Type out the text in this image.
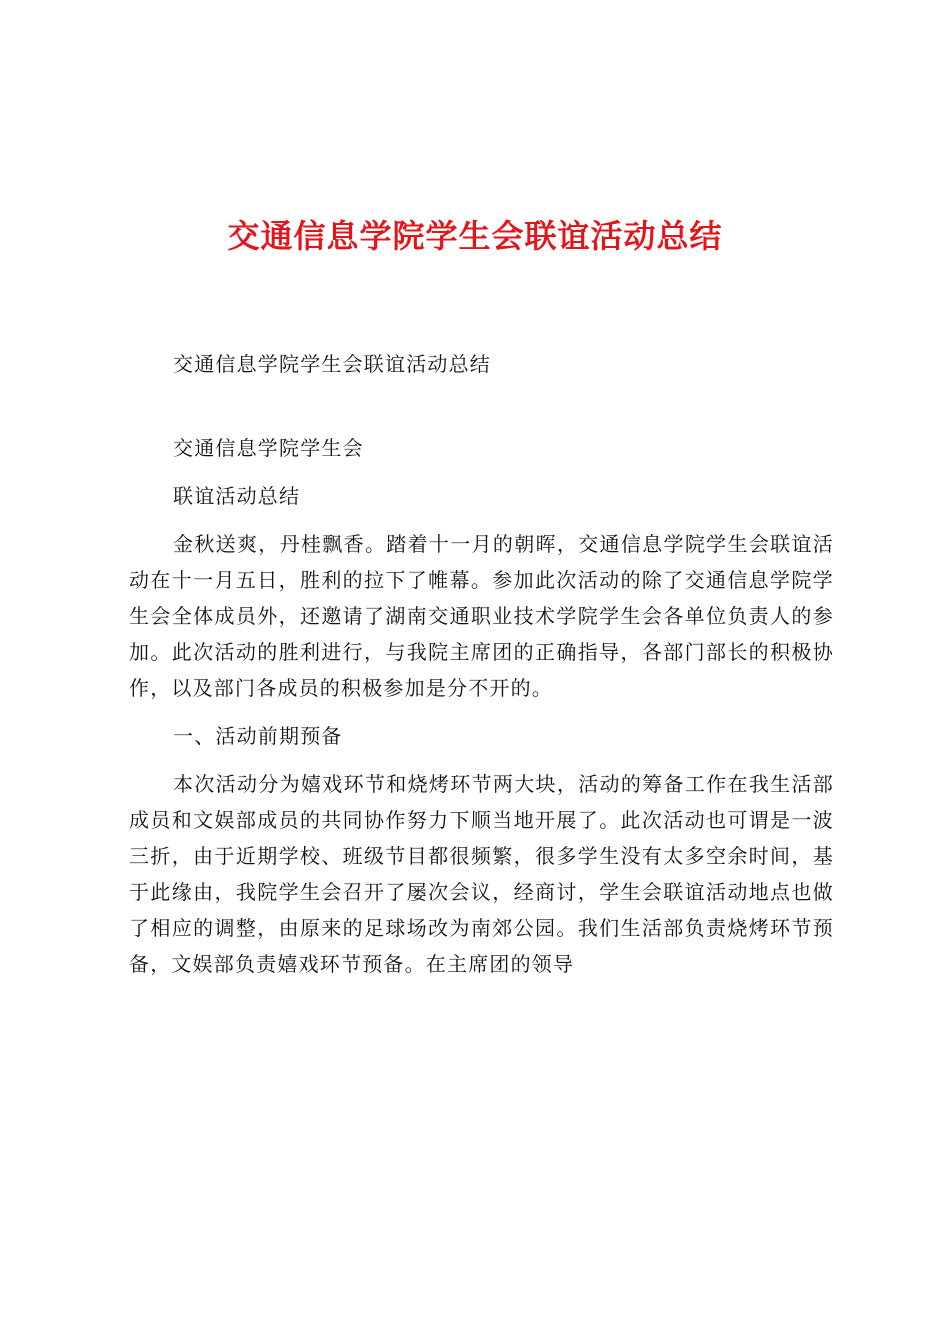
交通信息学院学生会联谊活动总结

交通信息学院学生会联谊活动总结

交通信息学院学生会

联谊活动总结

金秋送爽，丹桂飘香。踏着十一月的朝晖，交通信息学院学生会联谊活动在十一月五日，胜利的拉下了帷幕。参加此次活动的除了交通信息学院学生会全体成员外，还邀请了湖南交通职业技术学院学生会各单位负责人的参加。此次活动的胜利进行，与我院主席团的正确指导，各部门部长的积极协作，以及部门各成员的积极参加是分不开的。

一、活动前期预备

本次活动分为嬉戏环节和烧烤环节两大块，活动的筹备工作在我生活部成员和文娱部成员的共同协作努力下顺当地开展了。此次活动也可谓是一波三折，由于近期学校、班级节目都很频繁，很多学生没有太多空余时间，基于此缘由，我院学生会召开了屡次会议，经商讨，学生会联谊活动地点也做了相应的调整，由原来的足球场改为南郊公园。我们生活部负责烧烤环节预备，文娱部负责嬉戏环节预备。在主席团的领导
